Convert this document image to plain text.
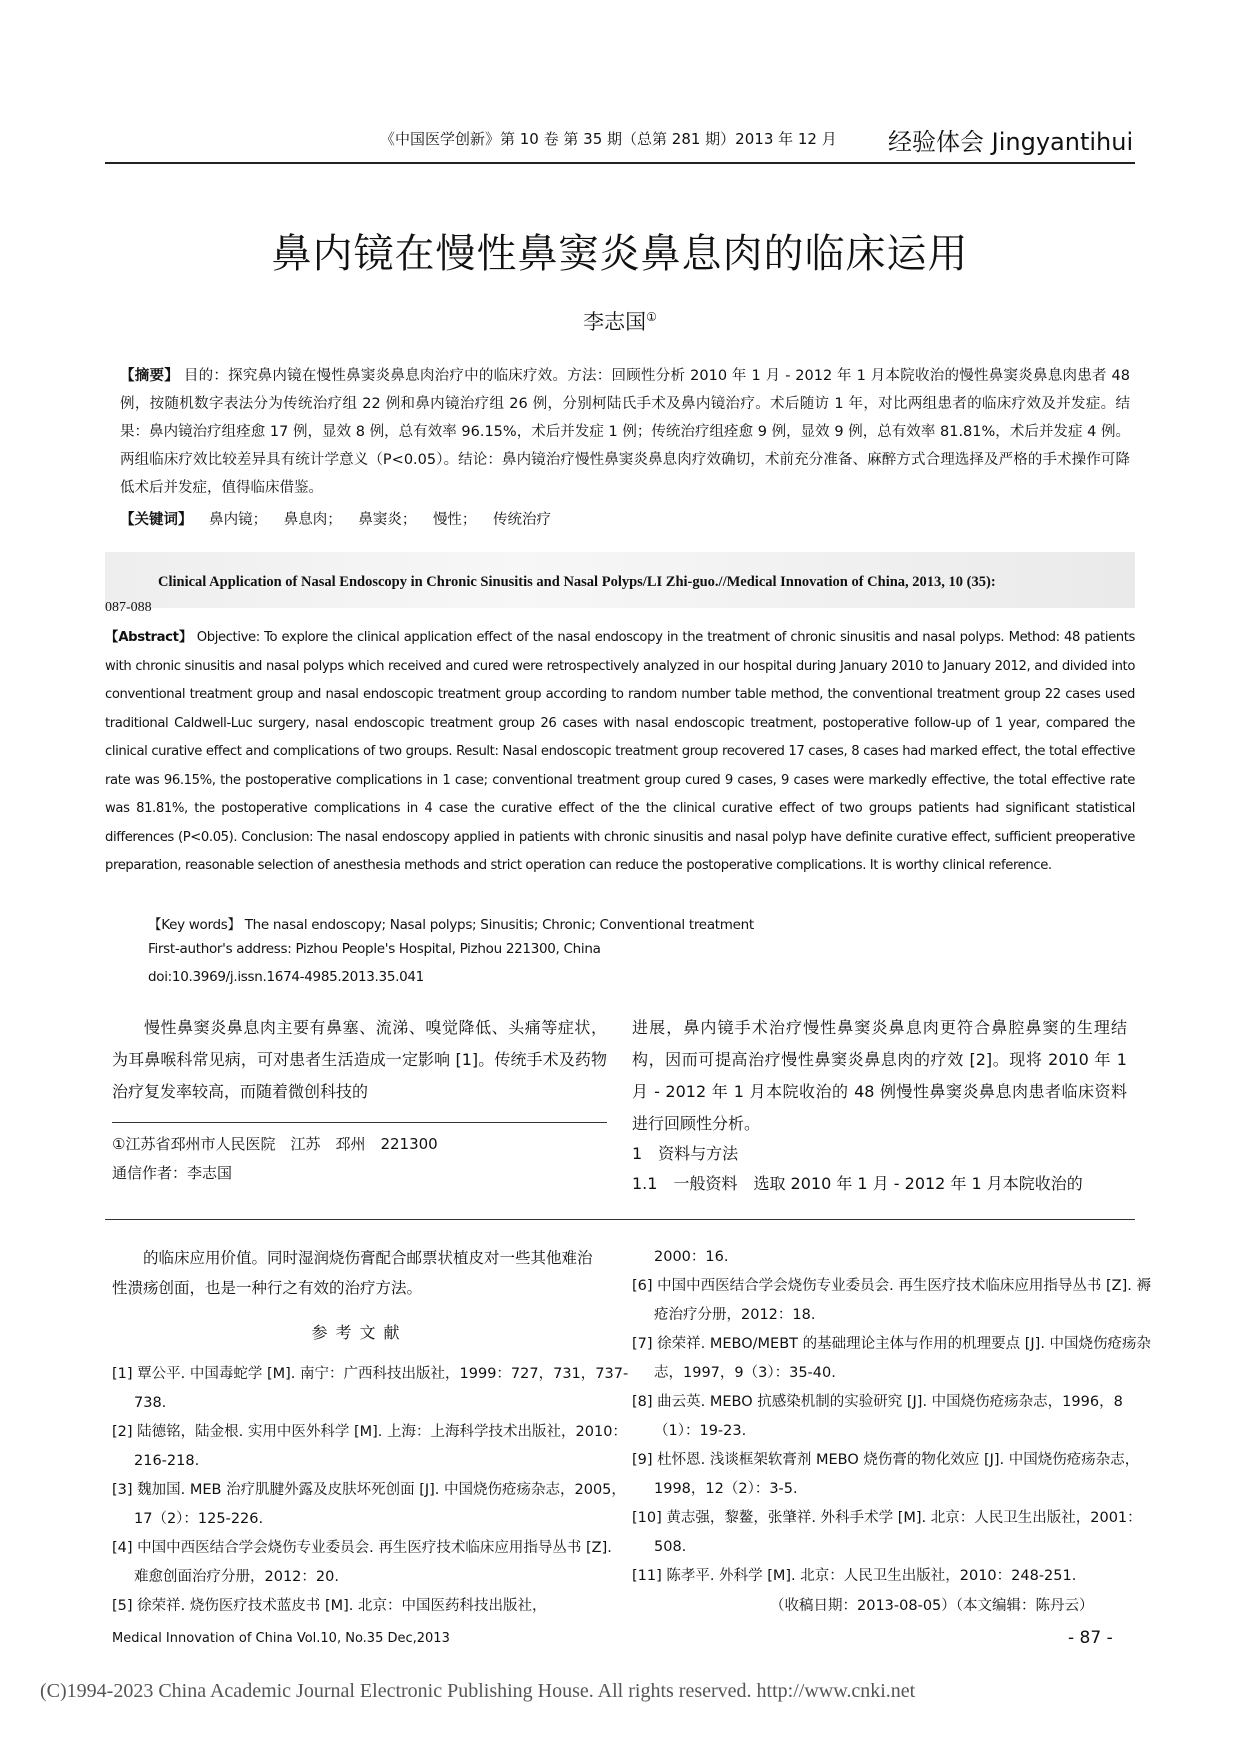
《中国医学创新》第 10 卷 第 35 期（总第 281 期）2013 年 12 月 经验体会 Jingyantihui
鼻内镜在慢性鼻窦炎鼻息肉的临床运用
李志国①
【摘要】 目的：探究鼻内镜在慢性鼻窦炎鼻息肉治疗中的临床疗效。方法：回顾性分析 2010 年 1 月 - 2012 年 1 月本院收治的慢性鼻窦炎鼻息肉患者 48 例，按随机数字表法分为传统治疗组 22 例和鼻内镜治疗组 26 例，分别柯陆氏手术及鼻内镜治疗。术后随访 1 年，对比两组患者的临床疗效及并发症。结果：鼻内镜治疗组痊愈 17 例，显效 8 例，总有效率 96.15%，术后并发症 1 例；传统治疗组痊愈 9 例，显效 9 例，总有效率 81.81%，术后并发症 4 例。两组临床疗效比较差异具有统计学意义（P<0.05）。结论：鼻内镜治疗慢性鼻窦炎鼻息肉疗效确切，术前充分准备、麻醉方式合理选择及严格的手术操作可降低术后并发症，值得临床借鉴。
【关键词】 鼻内镜； 鼻息肉； 鼻窦炎； 慢性； 传统治疗
Clinical Application of Nasal Endoscopy in Chronic Sinusitis and Nasal Polyps/LI Zhi-guo.//Medical Innovation of China, 2013, 10 (35):
087-088
【Abstract】 Objective: To explore the clinical application effect of the nasal endoscopy in the treatment of chronic sinusitis and nasal polyps. Method: 48 patients with chronic sinusitis and nasal polyps which received and cured were retrospectively analyzed in our hospital during January 2010 to January 2012, and divided into conventional treatment group and nasal endoscopic treatment group according to random number table method, the conventional treatment group 22 cases used traditional Caldwell-Luc surgery, nasal endoscopic treatment group 26 cases with nasal endoscopic treatment, postoperative follow-up of 1 year, compared the clinical curative effect and complications of two groups. Result: Nasal endoscopic treatment group recovered 17 cases, 8 cases had marked effect, the total effective rate was 96.15%, the postoperative complications in 1 case; conventional treatment group cured 9 cases, 9 cases were markedly effective, the total effective rate was 81.81%, the postoperative complications in 4 case the curative effect of the the clinical curative effect of two groups patients had significant statistical differences (P<0.05). Conclusion: The nasal endoscopy applied in patients with chronic sinusitis and nasal polyp have definite curative effect, sufficient preoperative preparation, reasonable selection of anesthesia methods and strict operation can reduce the postoperative complications. It is worthy clinical reference.
【Key words】 The nasal endoscopy; Nasal polyps; Sinusitis; Chronic; Conventional treatment
First-author's address: Pizhou People's Hospital, Pizhou 221300, China
doi:10.3969/j.issn.1674-4985.2013.35.041
慢性鼻窦炎鼻息肉主要有鼻塞、流涕、嗅觉降低、头痛等症状，为耳鼻喉科常见病，可对患者生活造成一定影响 [1]。传统手术及药物治疗复发率较高，而随着微创科技的
进展，鼻内镜手术治疗慢性鼻窦炎鼻息肉更符合鼻腔鼻窦的生理结构，因而可提高治疗慢性鼻窦炎鼻息肉的疗效 [2]。现将 2010 年 1 月 - 2012 年 1 月本院收治的 48 例慢性鼻窦炎鼻息肉患者临床资料进行回顾性分析。
1　资料与方法
1.1　一般资料　选取 2010 年 1 月 - 2012 年 1 月本院收治的
①江苏省邳州市人民医院　江苏　邳州　221300
通信作者：李志国
的临床应用价值。同时湿润烧伤膏配合邮票状植皮对一些其他难治性溃疡创面，也是一种行之有效的治疗方法。
参考文献
[1] 覃公平. 中国毒蛇学 [M]. 南宁：广西科技出版社，1999：727，731，737-738.
[2] 陆德铭，陆金根. 实用中医外科学 [M]. 上海：上海科学技术出版社，2010：216-218.
[3] 魏加国. MEB 治疗肌腱外露及皮肤坏死创面 [J]. 中国烧伤疮疡杂志，2005，17（2）：125-226.
[4] 中国中西医结合学会烧伤专业委员会. 再生医疗技术临床应用指导丛书 [Z]. 难愈创面治疗分册，2012：20.
[5] 徐荣祥. 烧伤医疗技术蓝皮书 [M]. 北京：中国医药科技出版社，
2000：16.
[6] 中国中西医结合学会烧伤专业委员会. 再生医疗技术临床应用指导丛书 [Z]. 褥疮治疗分册，2012：18.
[7] 徐荣祥. MEBO/MEBT 的基础理论主体与作用的机理要点 [J]. 中国烧伤疮疡杂志，1997，9（3）：35-40.
[8] 曲云英. MEBO 抗感染机制的实验研究 [J]. 中国烧伤疮疡杂志，1996，8（1）：19-23.
[9] 杜怀恩. 浅谈框架软膏剂 MEBO 烧伤膏的物化效应 [J]. 中国烧伤疮疡杂志，1998，12（2）：3-5.
[10] 黄志强，黎鳌，张肇祥. 外科手术学 [M]. 北京：人民卫生出版社，2001：508.
[11] 陈孝平. 外科学 [M]. 北京：人民卫生出版社，2010：248-251.
（收稿日期：2013-08-05）（本文编辑：陈丹云）
Medical Innovation of China Vol.10, No.35 Dec,2013	- 87 -
(C)1994-2023 China Academic Journal Electronic Publishing House. All rights reserved. http://www.cnki.net
